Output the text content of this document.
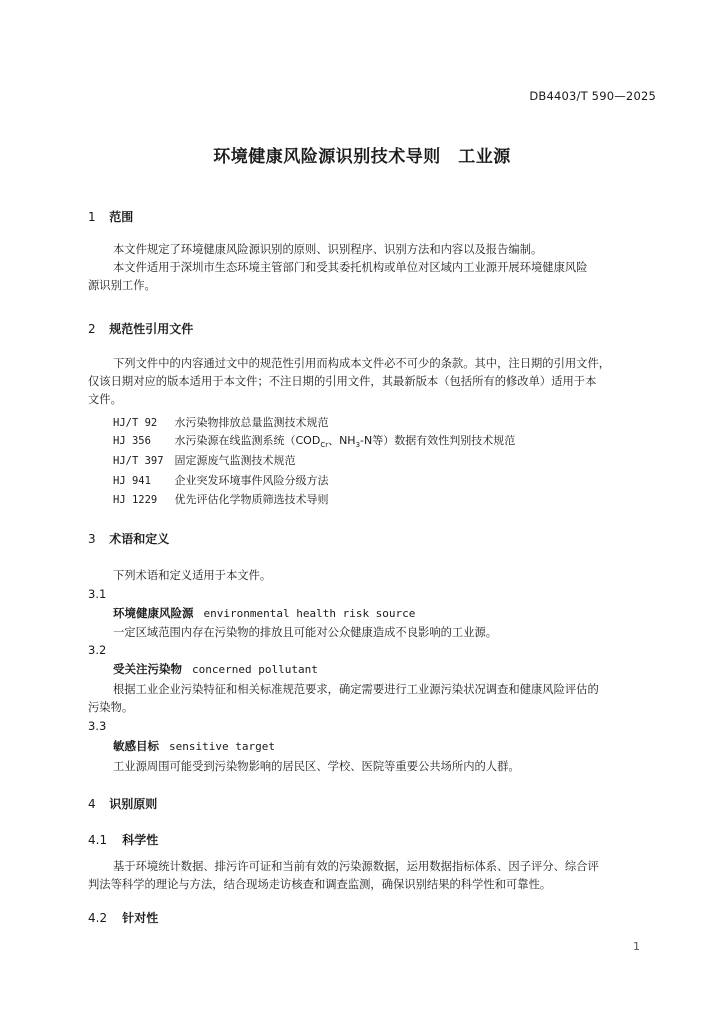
DB4403/T 590—2025
环境健康风险源识别技术导则　工业源
1 范围
本文件规定了环境健康风险源识别的原则、识别程序、识别方法和内容以及报告编制。
本文件适用于深圳市生态环境主管部门和受其委托机构或单位对区域内工业源开展环境健康风险
源识别工作。
2 规范性引用文件
下列文件中的内容通过文中的规范性引用而构成本文件必不可少的条款。其中，注日期的引用文件，
仅该日期对应的版本适用于本文件；不注日期的引用文件，其最新版本（包括所有的修改单）适用于本
文件。
HJ/T 92 水污染物排放总量监测技术规范
HJ 356 水污染源在线监测系统（$COD_{Cr}$、$NH_3-N$等）数据有效性判别技术规范
HJ/T 397 固定源废气监测技术规范
HJ 941 企业突发环境事件风险分级方法
HJ 1229 优先评估化学物质筛选技术导则
3 术语和定义
下列术语和定义适用于本文件。
3.1
环境健康风险源 environmental health risk source
一定区域范围内存在污染物的排放且可能对公众健康造成不良影响的工业源。
3.2
受关注污染物 concerned pollutant
根据工业企业污染特征和相关标准规范要求，确定需要进行工业源污染状况调查和健康风险评估的
污染物。
3.3
敏感目标 sensitive target
工业源周围可能受到污染物影响的居民区、学校、医院等重要公共场所内的人群。
4 识别原则
4.1 科学性
基于环境统计数据、排污许可证和当前有效的污染源数据，运用数据指标体系、因子评分、综合评
判法等科学的理论与方法，结合现场走访核查和调查监测，确保识别结果的科学性和可靠性。
4.2 针对性
1
